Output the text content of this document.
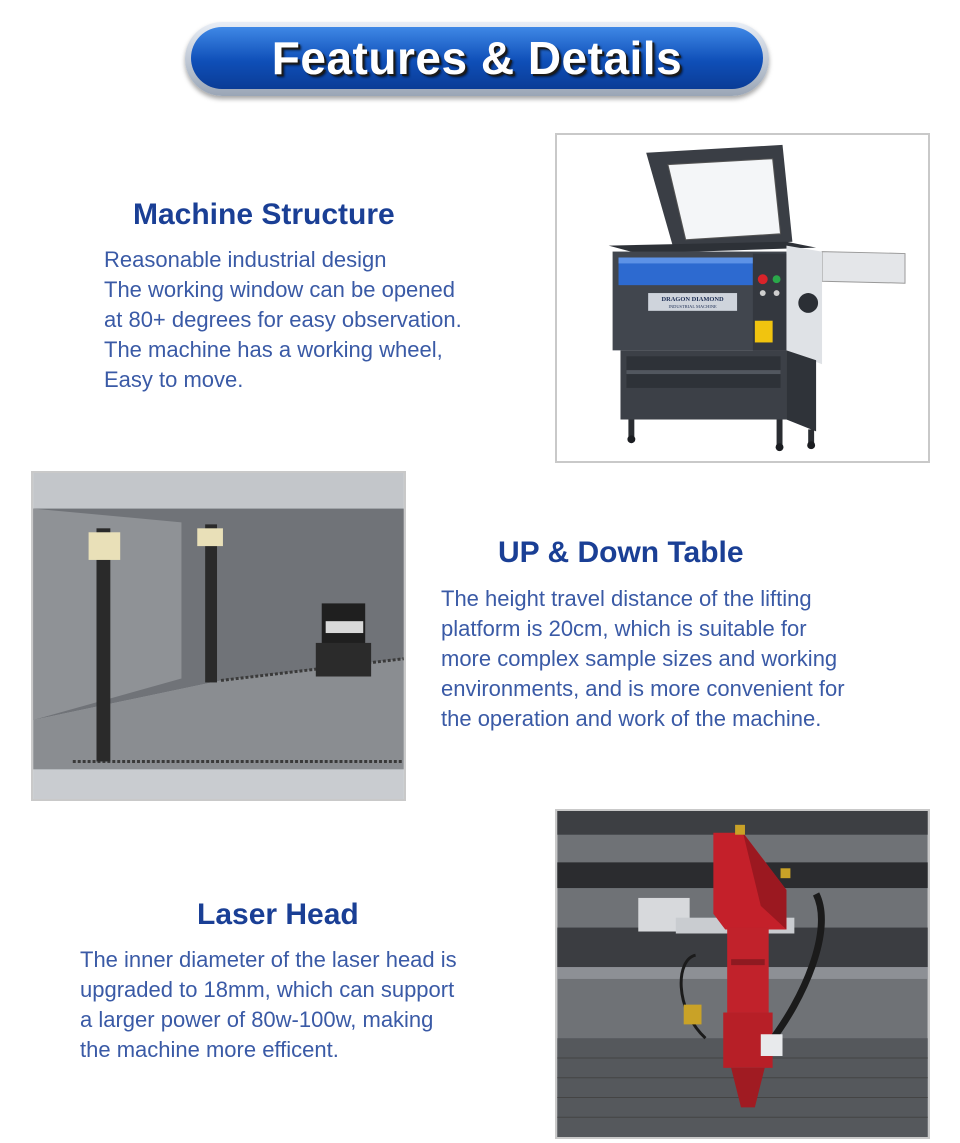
Features & Details
Machine Structure
Reasonable industrial design
The working window can be opened
at 80+ degrees for easy observation.
The machine has a working wheel,
Easy to move.
DRAGON DIAMOND
INDUSTRIAL MACHINE
UP & Down Table
The height travel distance of the lifting
platform is 20cm, which is suitable for
more complex sample sizes and working
environments, and is more convenient for
the operation and work of the machine.
Laser Head
The inner diameter of the laser head is
upgraded to 18mm, which can support
a larger power of 80w-100w, making
the machine more efficent.
